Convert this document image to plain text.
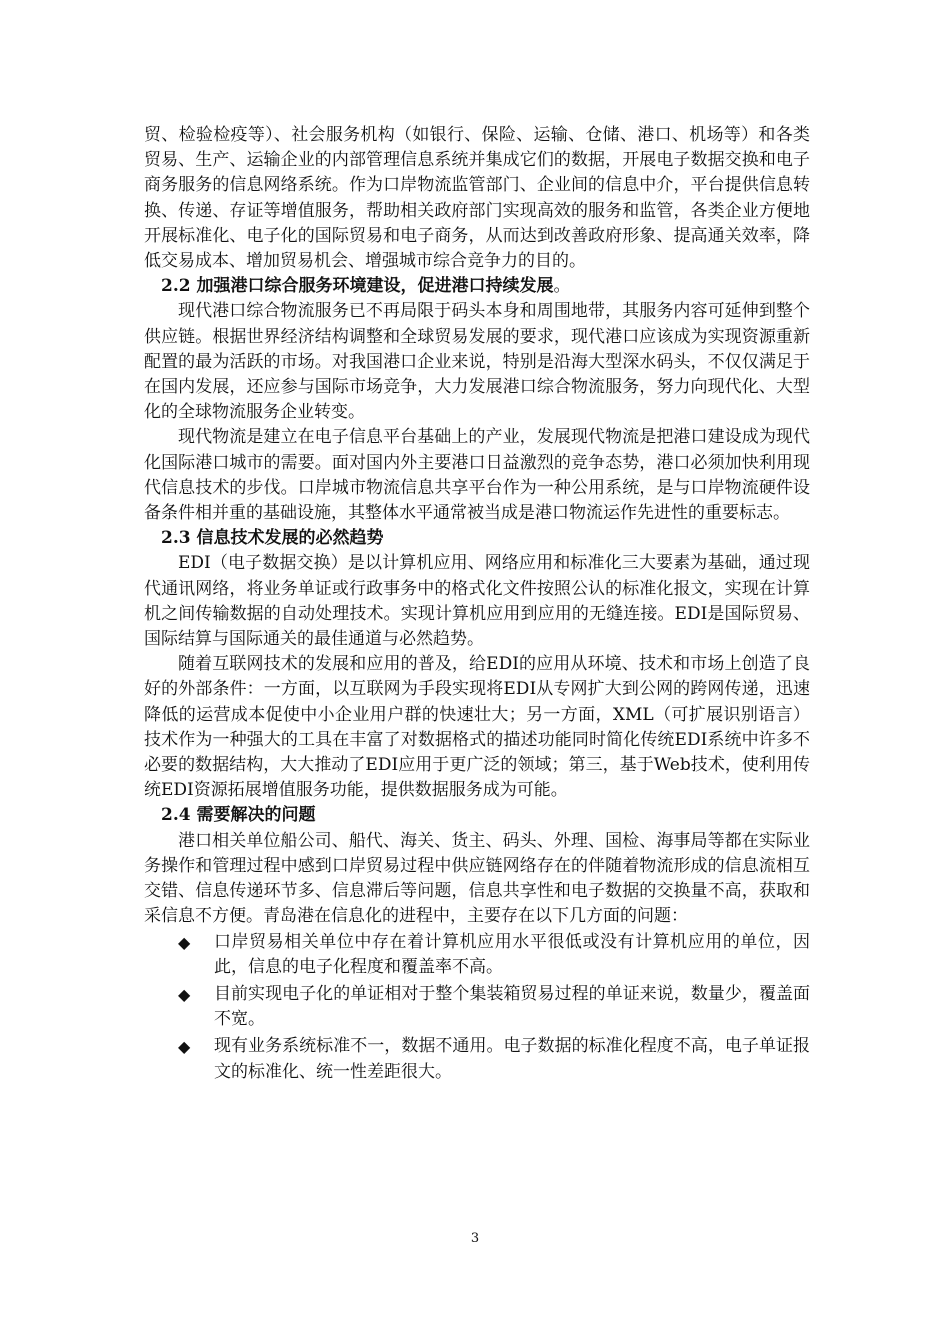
贸、检验检疫等）、社会服务机构（如银行、保险、运输、仓储、港口、机场等）和各类贸易、生产、运输企业的内部管理信息系统并集成它们的数据，开展电子数据交换和电子商务服务的信息网络系统。作为口岸物流监管部门、企业间的信息中介，平台提供信息转换、传递、存证等增值服务，帮助相关政府部门实现高效的服务和监管，各类企业方便地开展标准化、电子化的国际贸易和电子商务，从而达到改善政府形象、提高通关效率，降低交易成本、增加贸易机会、增强城市综合竞争力的目的。

2.2 加强港口综合服务环境建设，促进港口持续发展。

现代港口综合物流服务已不再局限于码头本身和周围地带，其服务内容可延伸到整个供应链。根据世界经济结构调整和全球贸易发展的要求，现代港口应该成为实现资源重新配置的最为活跃的市场。对我国港口企业来说，特别是沿海大型深水码头，不仅仅满足于在国内发展，还应参与国际市场竞争，大力发展港口综合物流服务，努力向现代化、大型化的全球物流服务企业转变。

现代物流是建立在电子信息平台基础上的产业，发展现代物流是把港口建设成为现代化国际港口城市的需要。面对国内外主要港口日益激烈的竞争态势，港口必须加快利用现代信息技术的步伐。口岸城市物流信息共享平台作为一种公用系统，是与口岸物流硬件设备条件相并重的基础设施，其整体水平通常被当成是港口物流运作先进性的重要标志。

2.3 信息技术发展的必然趋势

EDI（电子数据交换）是以计算机应用、网络应用和标准化三大要素为基础，通过现代通讯网络，将业务单证或行政事务中的格式化文件按照公认的标准化报文，实现在计算机之间传输数据的自动处理技术。实现计算机应用到应用的无缝连接。EDI是国际贸易、国际结算与国际通关的最佳通道与必然趋势。

随着互联网技术的发展和应用的普及，给EDI的应用从环境、技术和市场上创造了良好的外部条件：一方面，以互联网为手段实现将EDI从专网扩大到公网的跨网传递，迅速降低的运营成本促使中小企业用户群的快速壮大；另一方面，XML（可扩展识别语言）技术作为一种强大的工具在丰富了对数据格式的描述功能同时简化传统EDI系统中许多不必要的数据结构，大大推动了EDI应用于更广泛的领域；第三，基于Web技术，使利用传统EDI资源拓展增值服务功能，提供数据服务成为可能。

2.4 需要解决的问题

港口相关单位船公司、船代、海关、货主、码头、外理、国检、海事局等都在实际业务操作和管理过程中感到口岸贸易过程中供应链网络存在的伴随着物流形成的信息流相互交错、信息传递环节多、信息滞后等问题，信息共享性和电子数据的交换量不高，获取和采信息不方便。青岛港在信息化的进程中，主要存在以下几方面的问题：

◆ 口岸贸易相关单位中存在着计算机应用水平很低或没有计算机应用的单位，因此，信息的电子化程度和覆盖率不高。
◆ 目前实现电子化的单证相对于整个集装箱贸易过程的单证来说，数量少，覆盖面不宽。
◆ 现有业务系统标准不一，数据不通用。电子数据的标准化程度不高，电子单证报文的标准化、统一性差距很大。
3
